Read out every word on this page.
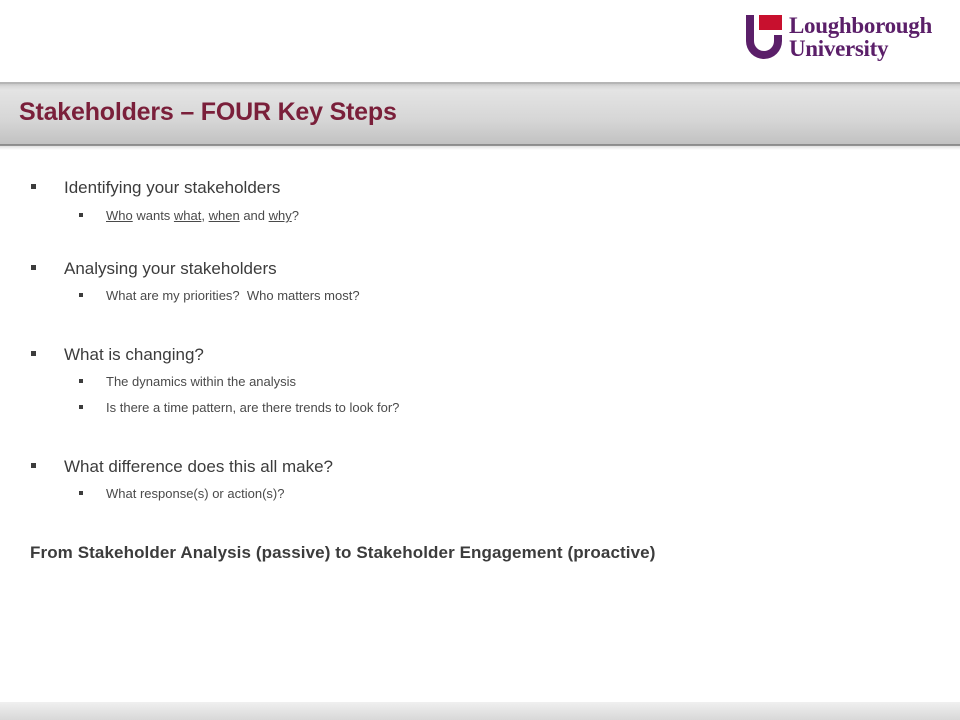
Loughborough
University
Stakeholders – FOUR Key Steps
Identifying your stakeholders
Who wants what, when and why?
Analysing your stakeholders
What are my priorities?  Who matters most?
What is changing?
The dynamics within the analysis
Is there a time pattern, are there trends to look for?
What difference does this all make?
What response(s) or action(s)?
From Stakeholder Analysis (passive) to Stakeholder Engagement (proactive)
